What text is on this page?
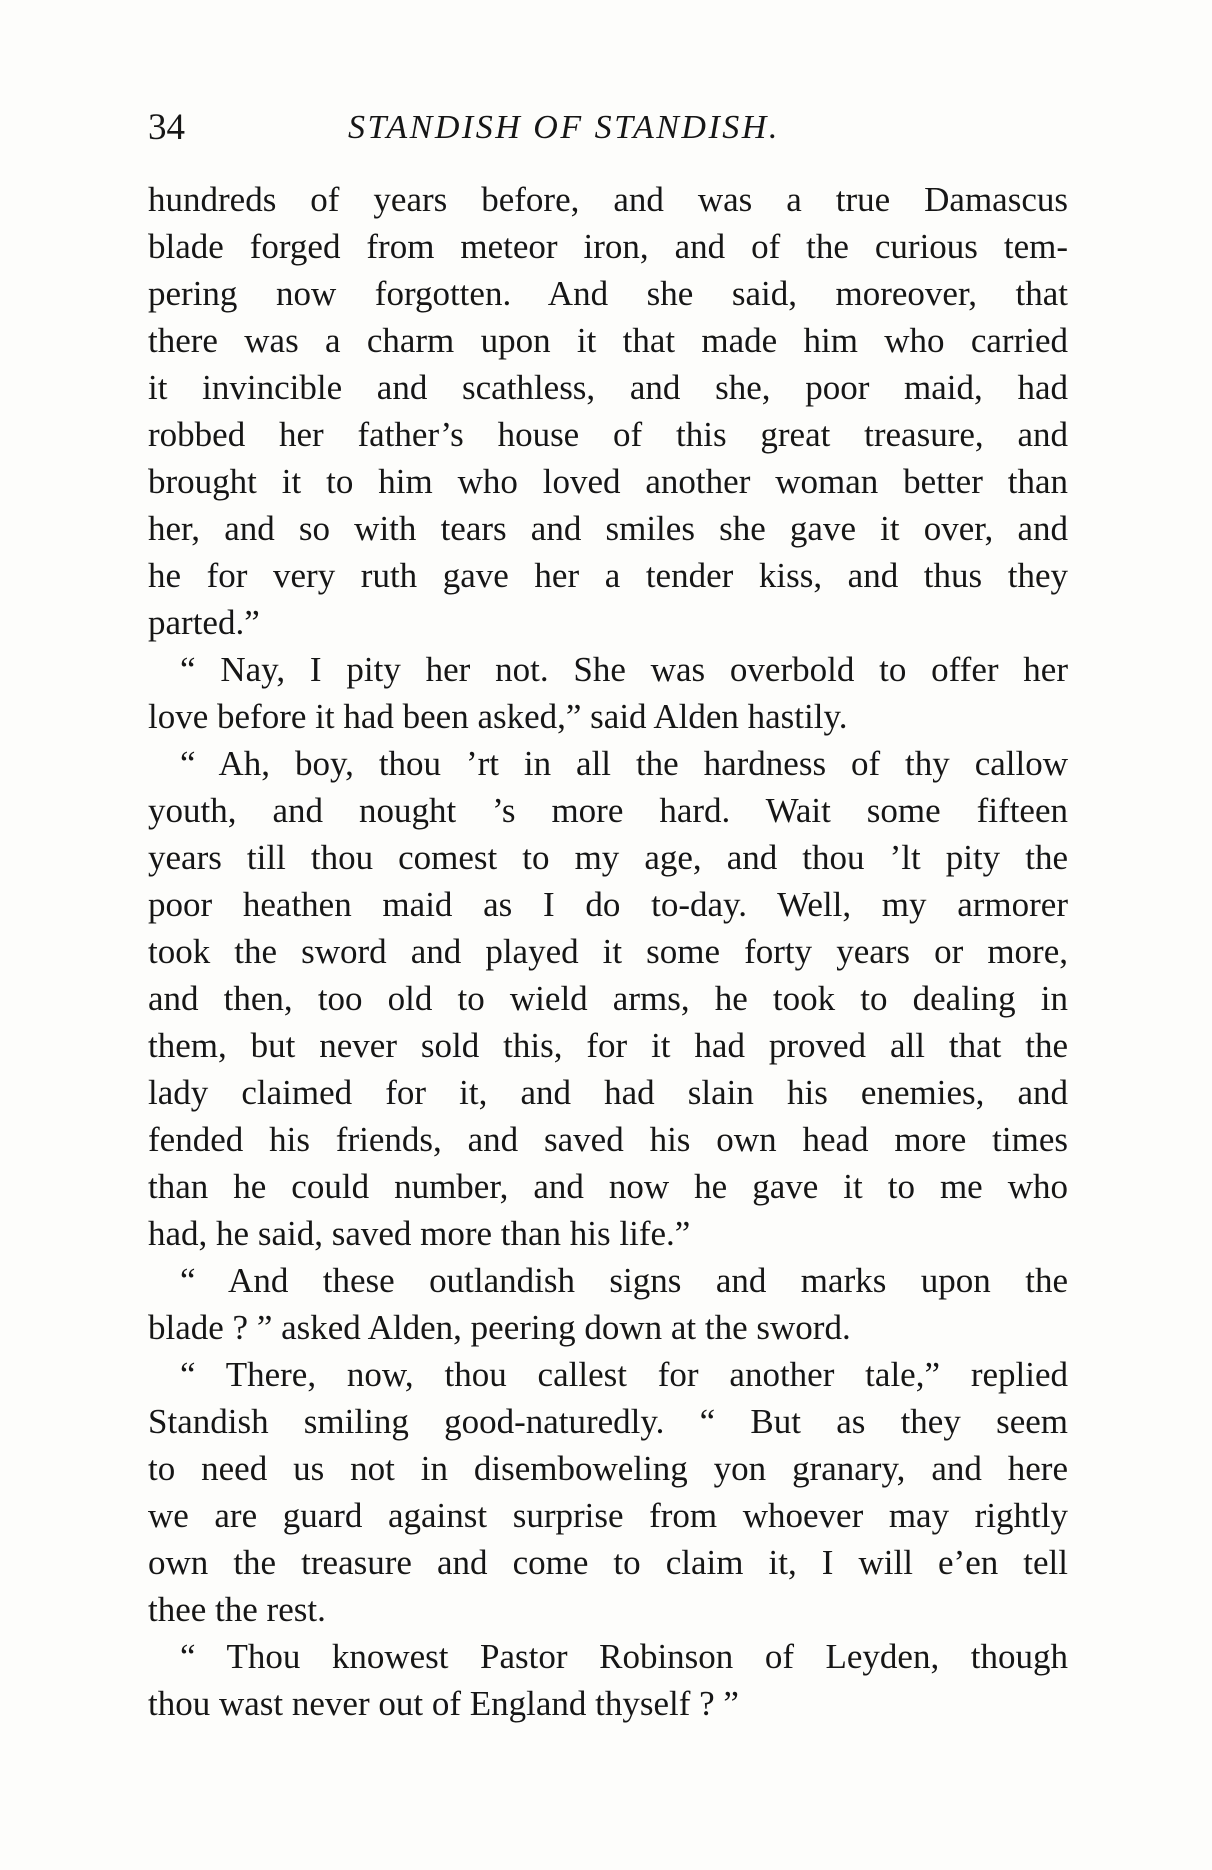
34	STANDISH OF STANDISH.
hundreds of years before, and was a true Damascus
blade forged from meteor iron, and of the curious tem-
pering now forgotten. And she said, moreover, that
there was a charm upon it that made him who carried
it invincible and scathless, and she, poor maid, had
robbed her father’s house of this great treasure, and
brought it to him who loved another woman better than
her, and so with tears and smiles she gave it over, and
he for very ruth gave her a tender kiss, and thus they
parted.”
“ Nay, I pity her not. She was overbold to offer her
love before it had been asked,” said Alden hastily.
“ Ah, boy, thou ’rt in all the hardness of thy callow
youth, and nought ’s more hard. Wait some fifteen
years till thou comest to my age, and thou ’lt pity the
poor heathen maid as I do to-day. Well, my armorer
took the sword and played it some forty years or more,
and then, too old to wield arms, he took to dealing in
them, but never sold this, for it had proved all that the
lady claimed for it, and had slain his enemies, and
fended his friends, and saved his own head more times
than he could number, and now he gave it to me who
had, he said, saved more than his life.”
“ And these outlandish signs and marks upon the
blade ? ” asked Alden, peering down at the sword.
“ There, now, thou callest for another tale,” replied
Standish smiling good-naturedly. “ But as they seem
to need us not in disemboweling yon granary, and here
we are guard against surprise from whoever may rightly
own the treasure and come to claim it, I will e’en tell
thee the rest.
“ Thou knowest Pastor Robinson of Leyden, though
thou wast never out of England thyself ? ”
